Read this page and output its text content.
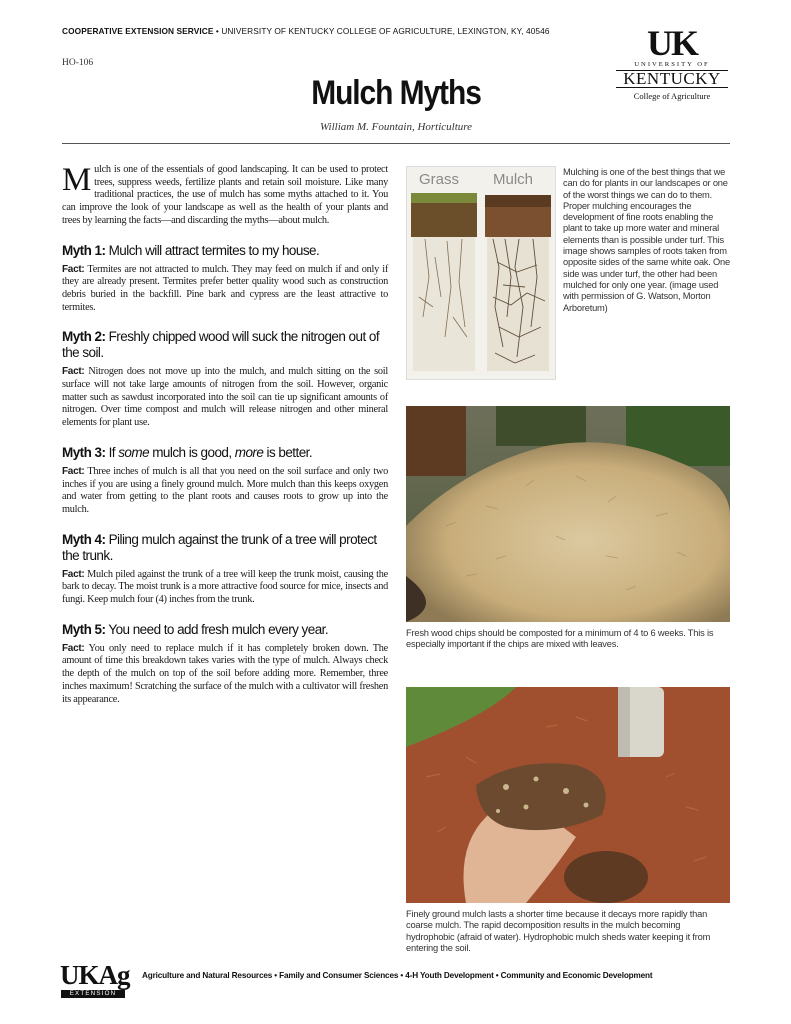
COOPERATIVE EXTENSION SERVICE • UNIVERSITY OF KENTUCKY COLLEGE OF AGRICULTURE, LEXINGTON, KY, 40546
HO-106
Mulch Myths
William M. Fountain, Horticulture
UK
UNIVERSITY OF
KENTUCKY
College of Agriculture

Mulch is one of the essentials of good landscaping. It can be used to protect trees, suppress weeds, fertilize plants and retain soil moisture. Like many traditional practices, the use of mulch has some myths attached to it. You can improve the look of your landscape as well as the health of your plants and trees by learning the facts—and discarding the myths—about mulch.

Myth 1: Mulch will attract termites to my house.

Fact: Termites are not attracted to mulch. They may feed on mulch if and only if they are already present. Termites prefer better quality wood such as construction debris buried in the backfill. Pine bark and cypress are the least attractive to termites.

Myth 2: Freshly chipped wood will suck the nitrogen out of the soil.

Fact: Nitrogen does not move up into the mulch, and mulch sitting on the soil surface will not take large amounts of nitrogen from the soil. However, organic matter such as sawdust incorporated into the soil can tie up significant amounts of nitrogen. Over time compost and mulch will release nitrogen and other mineral elements for plant use.

Myth 3: If some mulch is good, more is better.

Fact: Three inches of mulch is all that you need on the soil surface and only two inches if you are using a finely ground mulch. More mulch than this keeps oxygen and water from getting to the plant roots and causes roots to grow up into the mulch.

Myth 4: Piling mulch against the trunk of a tree will protect the trunk.

Fact: Mulch piled against the trunk of a tree will keep the trunk moist, causing the bark to decay. The moist trunk is a more attractive food source for mice, insects and fungi. Keep mulch four (4) inches from the trunk.

Myth 5: You need to add fresh mulch every year.

Fact: You only need to replace mulch if it has completely broken down. The amount of time this breakdown takes varies with the type of mulch. Always check the depth of the mulch on top of the soil before adding more. Remember, three inches maximum! Scratching the surface of the mulch with a cultivator will freshen its appearance.

Grass Mulch	Mulching is one of the best things that we can do for plants in our landscapes or one of the worst things we can do to them. Proper mulching encourages the development of fine roots enabling the plant to take up more water and mineral elements than is possible under turf. This image shows samples of roots taken from opposite sides of the same white oak. One side was under turf, the other had been mulched for only one year. (image used with permission of G. Watson, Morton Arboretum)
Fresh wood chips should be composted for a minimum of 4 to 6 weeks. This is especially important if the chips are mixed with leaves.
Finely ground mulch lasts a shorter time because it decays more rapidly than coarse mulch. The rapid decomposition results in the mulch becoming hydrophobic (afraid of water). Hydrophobic mulch sheds water keeping it from entering the soil.
UKAg
EXTENSION
Agriculture and Natural Resources • Family and Consumer Sciences • 4-H Youth Development • Community and Economic Development
